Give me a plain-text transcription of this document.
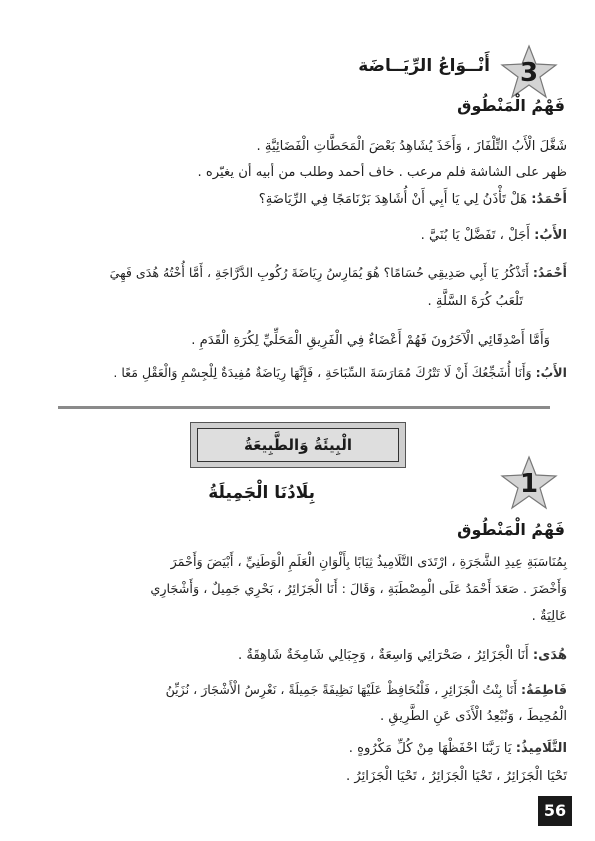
3
أَنْــوَاعُ الرِّيَــاضَة
فَهْمُ الْمَنْطُوق
شَغَّلَ الْأَبُ التِّلْفَازَ ، وَأَخَذَ يُشَاهِدُ بَعْضَ الْمَحَطَّاتِ الْفَضَائِيَّةِ .
ظهر على الشاشة فلم مرعب . خاف أحمد وطلب من أبيه أن يغيّره .
أَحْمَدُ: هَلْ تَأْذَنُ لِي يَا أَبِي أَنْ أُشَاهِدَ بَرْنَامَجًا فِي الرِّيَاضَةِ؟
الأَبُ: أَجَلْ ، تَفَضَّلْ يَا بُنَيَّ .
أَحْمَدُ: أَتَذْكُرُ يَا أَبِي صَدِيقِي حُسَامًا؟ هُوَ يُمَارِسُ رِيَاضَةَ رُكُوبِ الدَّرَّاجَةِ ، أَمَّا أُخْتُهُ هُدَى فَهِيَ
تَلْعَبُ كُرَةَ السَّلَّةِ .
وَأَمَّا أَصْدِقَائِي الْآخَرُونَ فَهُمْ أَعْضَاءٌ فِي الْفَرِيقِ الْمَحَلِّيِّ لِكُرَةِ الْقَدَمِ .
الأَبُ: وَأَنَا أُشَجِّعُكَ أَنْ لَا تَتْرُكَ مُمَارَسَةَ السِّبَاحَةِ ، فَإِنَّهَا رِيَاضَةٌ مُفِيدَةٌ لِلْجِسْمِ وَالْعَقْلِ مَعًا .
الْبِيئَةُ وَالطَّبِيعَةُ
1
بِلَادُنَا الْجَمِيلَةُ
فَهْمُ الْمَنْطُوق
بِمُنَاسَبَةِ عِيدِ الشَّجَرَةِ ، ارْتَدَى التَّلَامِيذُ ثِيَابًا بِأَلْوَانِ الْعَلَمِ الْوَطَنِيِّ ، أَبْيَضَ وَأَحْمَرَ
وَأَخْضَرَ . صَعَدَ أَحْمَدُ عَلَى الْمِصْطَبَةِ ، وَقَالَ : أَنَا الْجَزَائِرُ ، بَحْرِي جَمِيلٌ ، وَأَشْجَارِي
عَالِيَةٌ .
هُدَى: أَنَا الْجَزَائِرُ ، صَحْرَائِي وَاسِعَةٌ ، وَجِبَالِي شَامِخَةٌ شَاهِقَةٌ .
فَاطِمَةُ: أَنَا بِنْتُ الْجَزَائِرِ ، فَلْنُحَافِظْ عَلَيْهَا نَظِيفَةً جَمِيلَةً ، نَغْرِسُ الْأَشْجَارَ ، نُزَيِّنُ
الْمُحِيطَ ، وَنُبْعِدُ الْأَذَى عَنِ الطَّرِيقِ .
التَّلَامِيذُ: يَا رَبَّنَا احْفَظْهَا مِنْ كُلِّ مَكْرُوهٍ .
تَحْيَا الْجَزَائِرُ ، تَحْيَا الْجَزَائِرُ ، تَحْيَا الْجَزَائِرُ .
56
